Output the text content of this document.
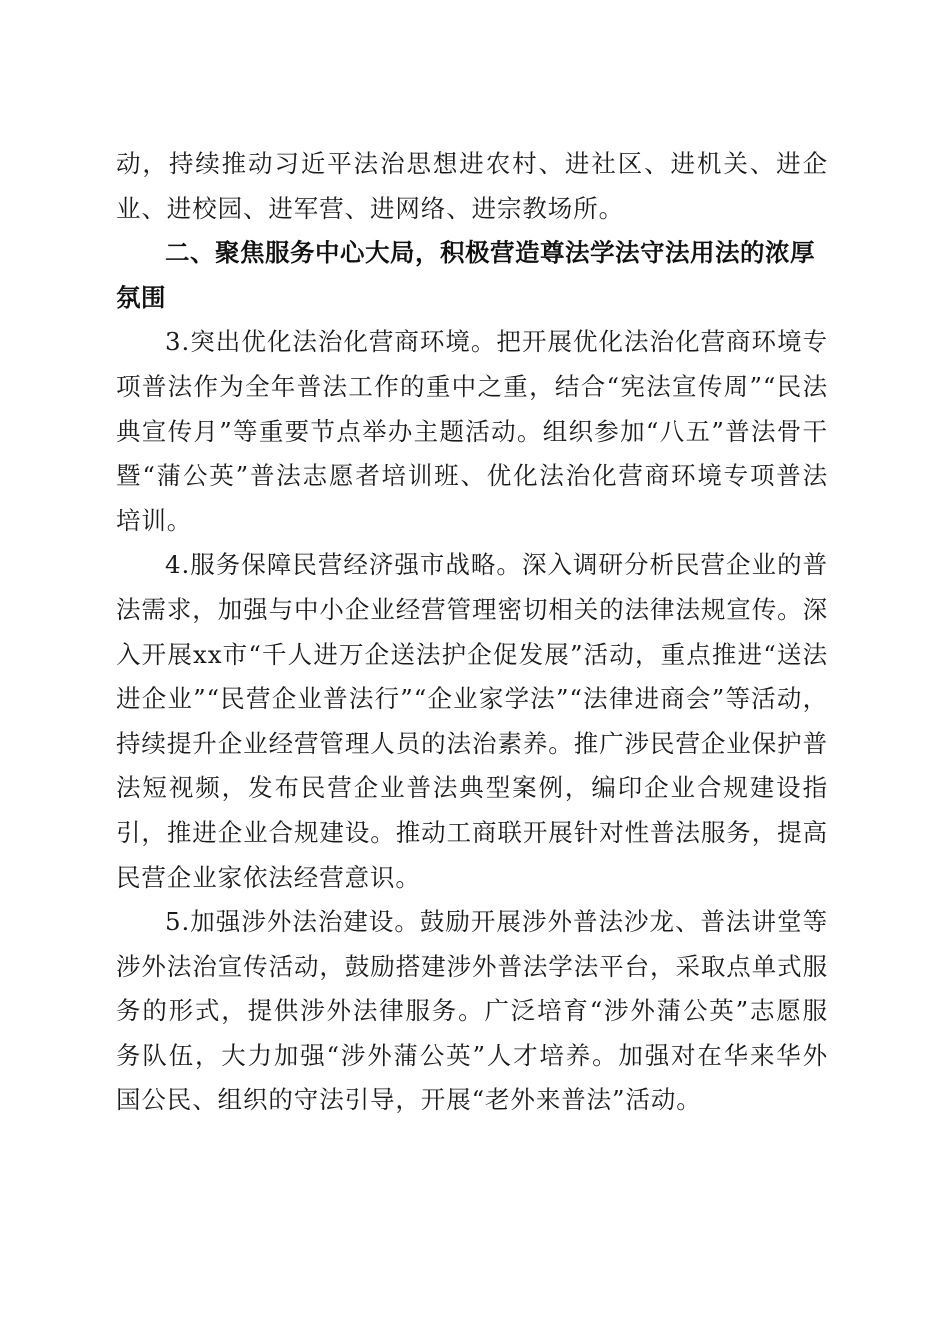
动，持续推动习近平法治思想进农村、进社区、进机关、进企业、进校园、进军营、进网络、进宗教场所。

二、聚焦服务中心大局，积极营造尊法学法守法用法的浓厚氛围

3.突出优化法治化营商环境。把开展优化法治化营商环境专项普法作为全年普法工作的重中之重，结合“宪法宣传周”“民法典宣传月”等重要节点举办主题活动。组织参加“八五”普法骨干暨“蒲公英”普法志愿者培训班、优化法治化营商环境专项普法培训。

4.服务保障民营经济强市战略。深入调研分析民营企业的普法需求，加强与中小企业经营管理密切相关的法律法规宣传。深入开展xx市“千人进万企送法护企促发展”活动，重点推进“送法进企业”“民营企业普法行”“企业家学法”“法律进商会”等活动，持续提升企业经营管理人员的法治素养。推广涉民营企业保护普法短视频，发布民营企业普法典型案例，编印企业合规建设指引，推进企业合规建设。推动工商联开展针对性普法服务，提高民营企业家依法经营意识。

5.加强涉外法治建设。鼓励开展涉外普法沙龙、普法讲堂等涉外法治宣传活动，鼓励搭建涉外普法学法平台，采取点单式服务的形式，提供涉外法律服务。广泛培育“涉外蒲公英”志愿服务队伍，大力加强“涉外蒲公英”人才培养。加强对在华来华外国公民、组织的守法引导，开展“老外来普法”活动。
